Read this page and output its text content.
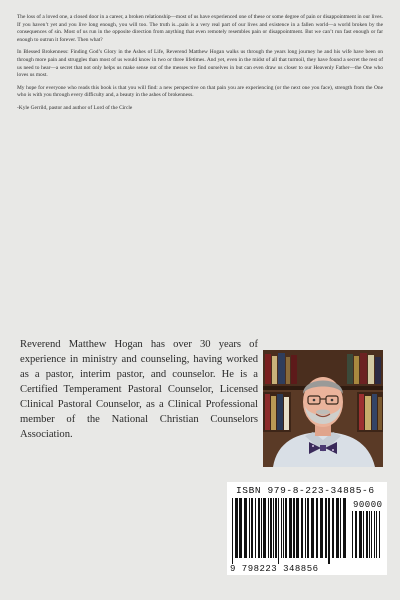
The loss of a loved one, a closed door in a career, a broken relationship—most of us have experienced one of these or some degree of pain or disappointment in our lives. If you haven’t yet and you live long enough, you will too. The truth is...pain is a very real part of our lives and existence in a fallen world—a world broken by the consequences of sin. Most of us run in the opposite direction from anything that even remotely resembles pain or disappointment. But we can’t run fast enough or far enough to outrun it forever. Then what?

In Blessed Brokenness: Finding God’s Glory in the Ashes of Life, Reverend Matthew Hogan walks us through the years long journey he and his wife have been on through more pain and struggles than most of us would know in two or three lifetimes. And yet, even in the midst of all that turmoil, they have found a secret the rest of us need to hear—a secret that not only helps us make sense out of the messes we find ourselves in but can even draw us closer to our Heavenly Father—the One who loves us most.

My hope for everyone who reads this book is that you will find: a new perspective on that pain you are experiencing (or the next one you face), strength from the One who is with you through every difficulty and, a beauty in the ashes of brokenness.

-Kyle Gerrild, pastor and author of Lord of the Circle

Reverend Matthew Hogan has over 30 years of experience in ministry and counseling, having worked as a pastor, interim pastor, and counselor. He is a Certified Temperament Pastoral Counselor, Licensed Clinical Pastoral Counselor, as a Clinical Professional member of the National Christian Counselors Association.
ISBN 979-8-223-34885-6
90000
9 798223 348856
